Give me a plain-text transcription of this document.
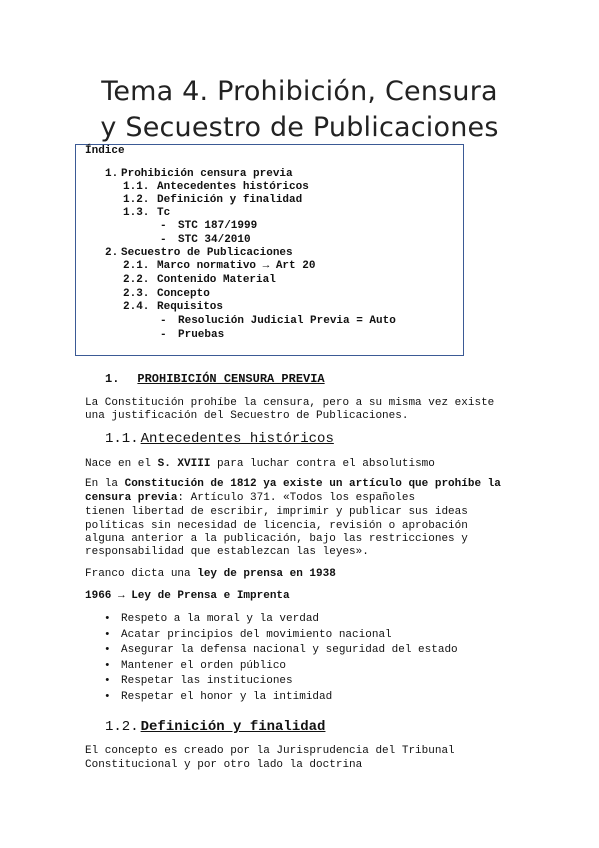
Tema 4. Prohibición, Censura
y Secuestro de Publicaciones
Índice
1. Prohibición censura previa
1.1. Antecedentes históricos
1.2. Definición y finalidad
1.3. Tc
- STC 187/1999
- STC 34/2010
2. Secuestro de Publicaciones
2.1. Marco normativo → Art 20
2.2. Contenido Material
2.3. Concepto
2.4. Requisitos
- Resolución Judicial Previa = Auto
- Pruebas
1. PROHIBICIÓN CENSURA PREVIA
La Constitución prohíbe la censura, pero a su misma vez existe
una justificación del Secuestro de Publicaciones.
1.1. Antecedentes históricos
Nace en el S. XVIII para luchar contra el absolutismo
En la Constitución de 1812 ya existe un artículo que prohíbe la
censura previa: Artículo 371. «Todos los españoles
tienen libertad de escribir, imprimir y publicar sus ideas
políticas sin necesidad de licencia, revisión o aprobación
alguna anterior a la publicación, bajo las restricciones y
responsabilidad que establezcan las leyes».
Franco dicta una ley de prensa en 1938
1966 → Ley de Prensa e Imprenta
• Respeto a la moral y la verdad
• Acatar principios del movimiento nacional
• Asegurar la defensa nacional y seguridad del estado
• Mantener el orden público
• Respetar las instituciones
• Respetar el honor y la intimidad
1.2. Definición y finalidad
El concepto es creado por la Jurisprudencia del Tribunal
Constitucional y por otro lado la doctrina
